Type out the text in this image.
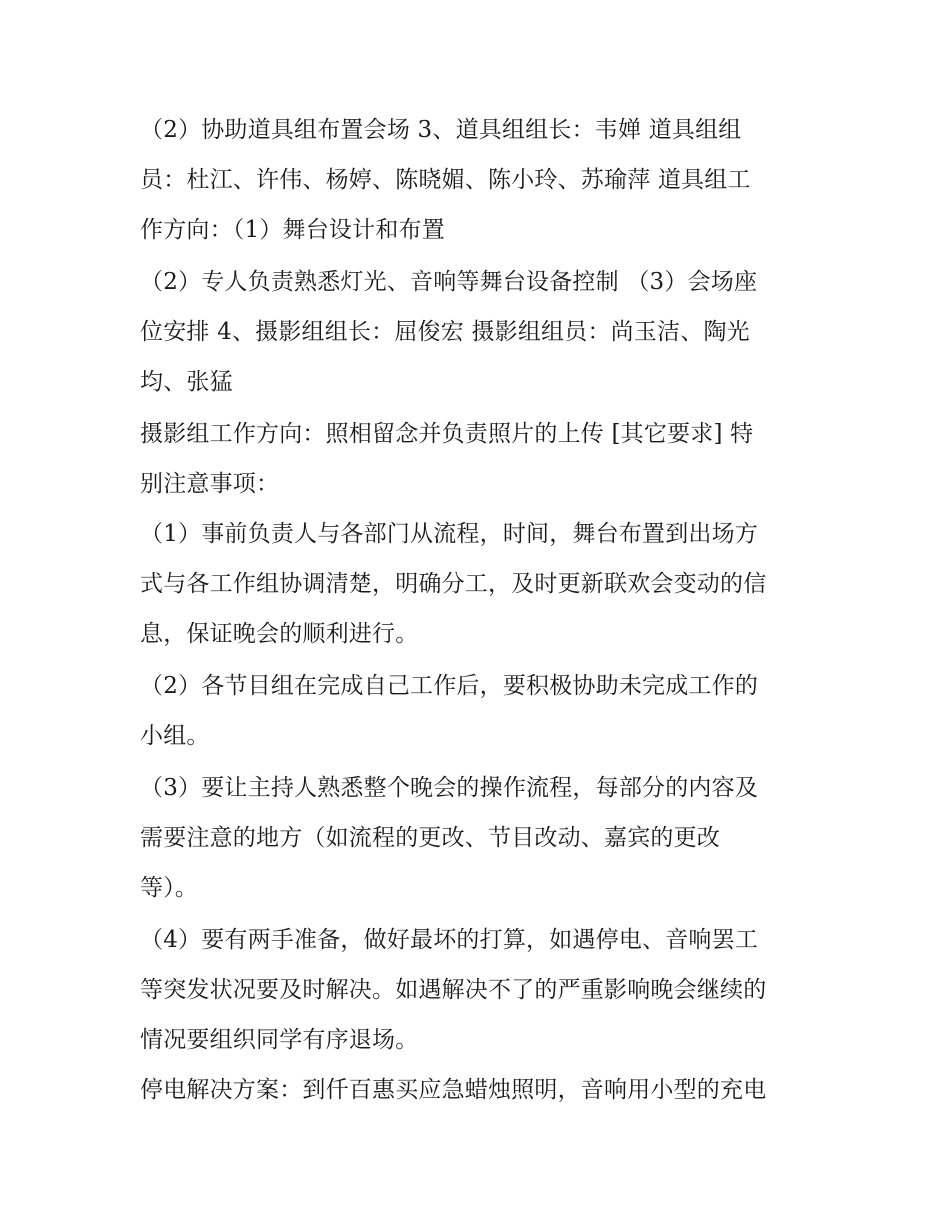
（2）协助道具组布置会场 3、道具组组长：韦婵 道具组组
员：杜江、许伟、杨婷、陈晓媚、陈小玲、苏瑜萍 道具组工
作方向：（1）舞台设计和布置
（2）专人负责熟悉灯光、音响等舞台设备控制 （3）会场座
位安排 4、摄影组组长：屈俊宏 摄影组组员：尚玉洁、陶光
均、张猛
摄影组工作方向：照相留念并负责照片的上传 [其它要求] 特
别注意事项：
（1）事前负责人与各部门从流程，时间，舞台布置到出场方
式与各工作组协调清楚，明确分工，及时更新联欢会变动的信
息，保证晚会的顺利进行。
（2）各节目组在完成自己工作后，要积极协助未完成工作的
小组。
（3）要让主持人熟悉整个晚会的操作流程，每部分的内容及
需要注意的地方（如流程的更改、节目改动、嘉宾的更改
等）。
（4）要有两手准备，做好最坏的打算，如遇停电、音响罢工
等突发状况要及时解决。如遇解决不了的严重影响晚会继续的
情况要组织同学有序退场。
停电解决方案：到仟百惠买应急蜡烛照明，音响用小型的充电
